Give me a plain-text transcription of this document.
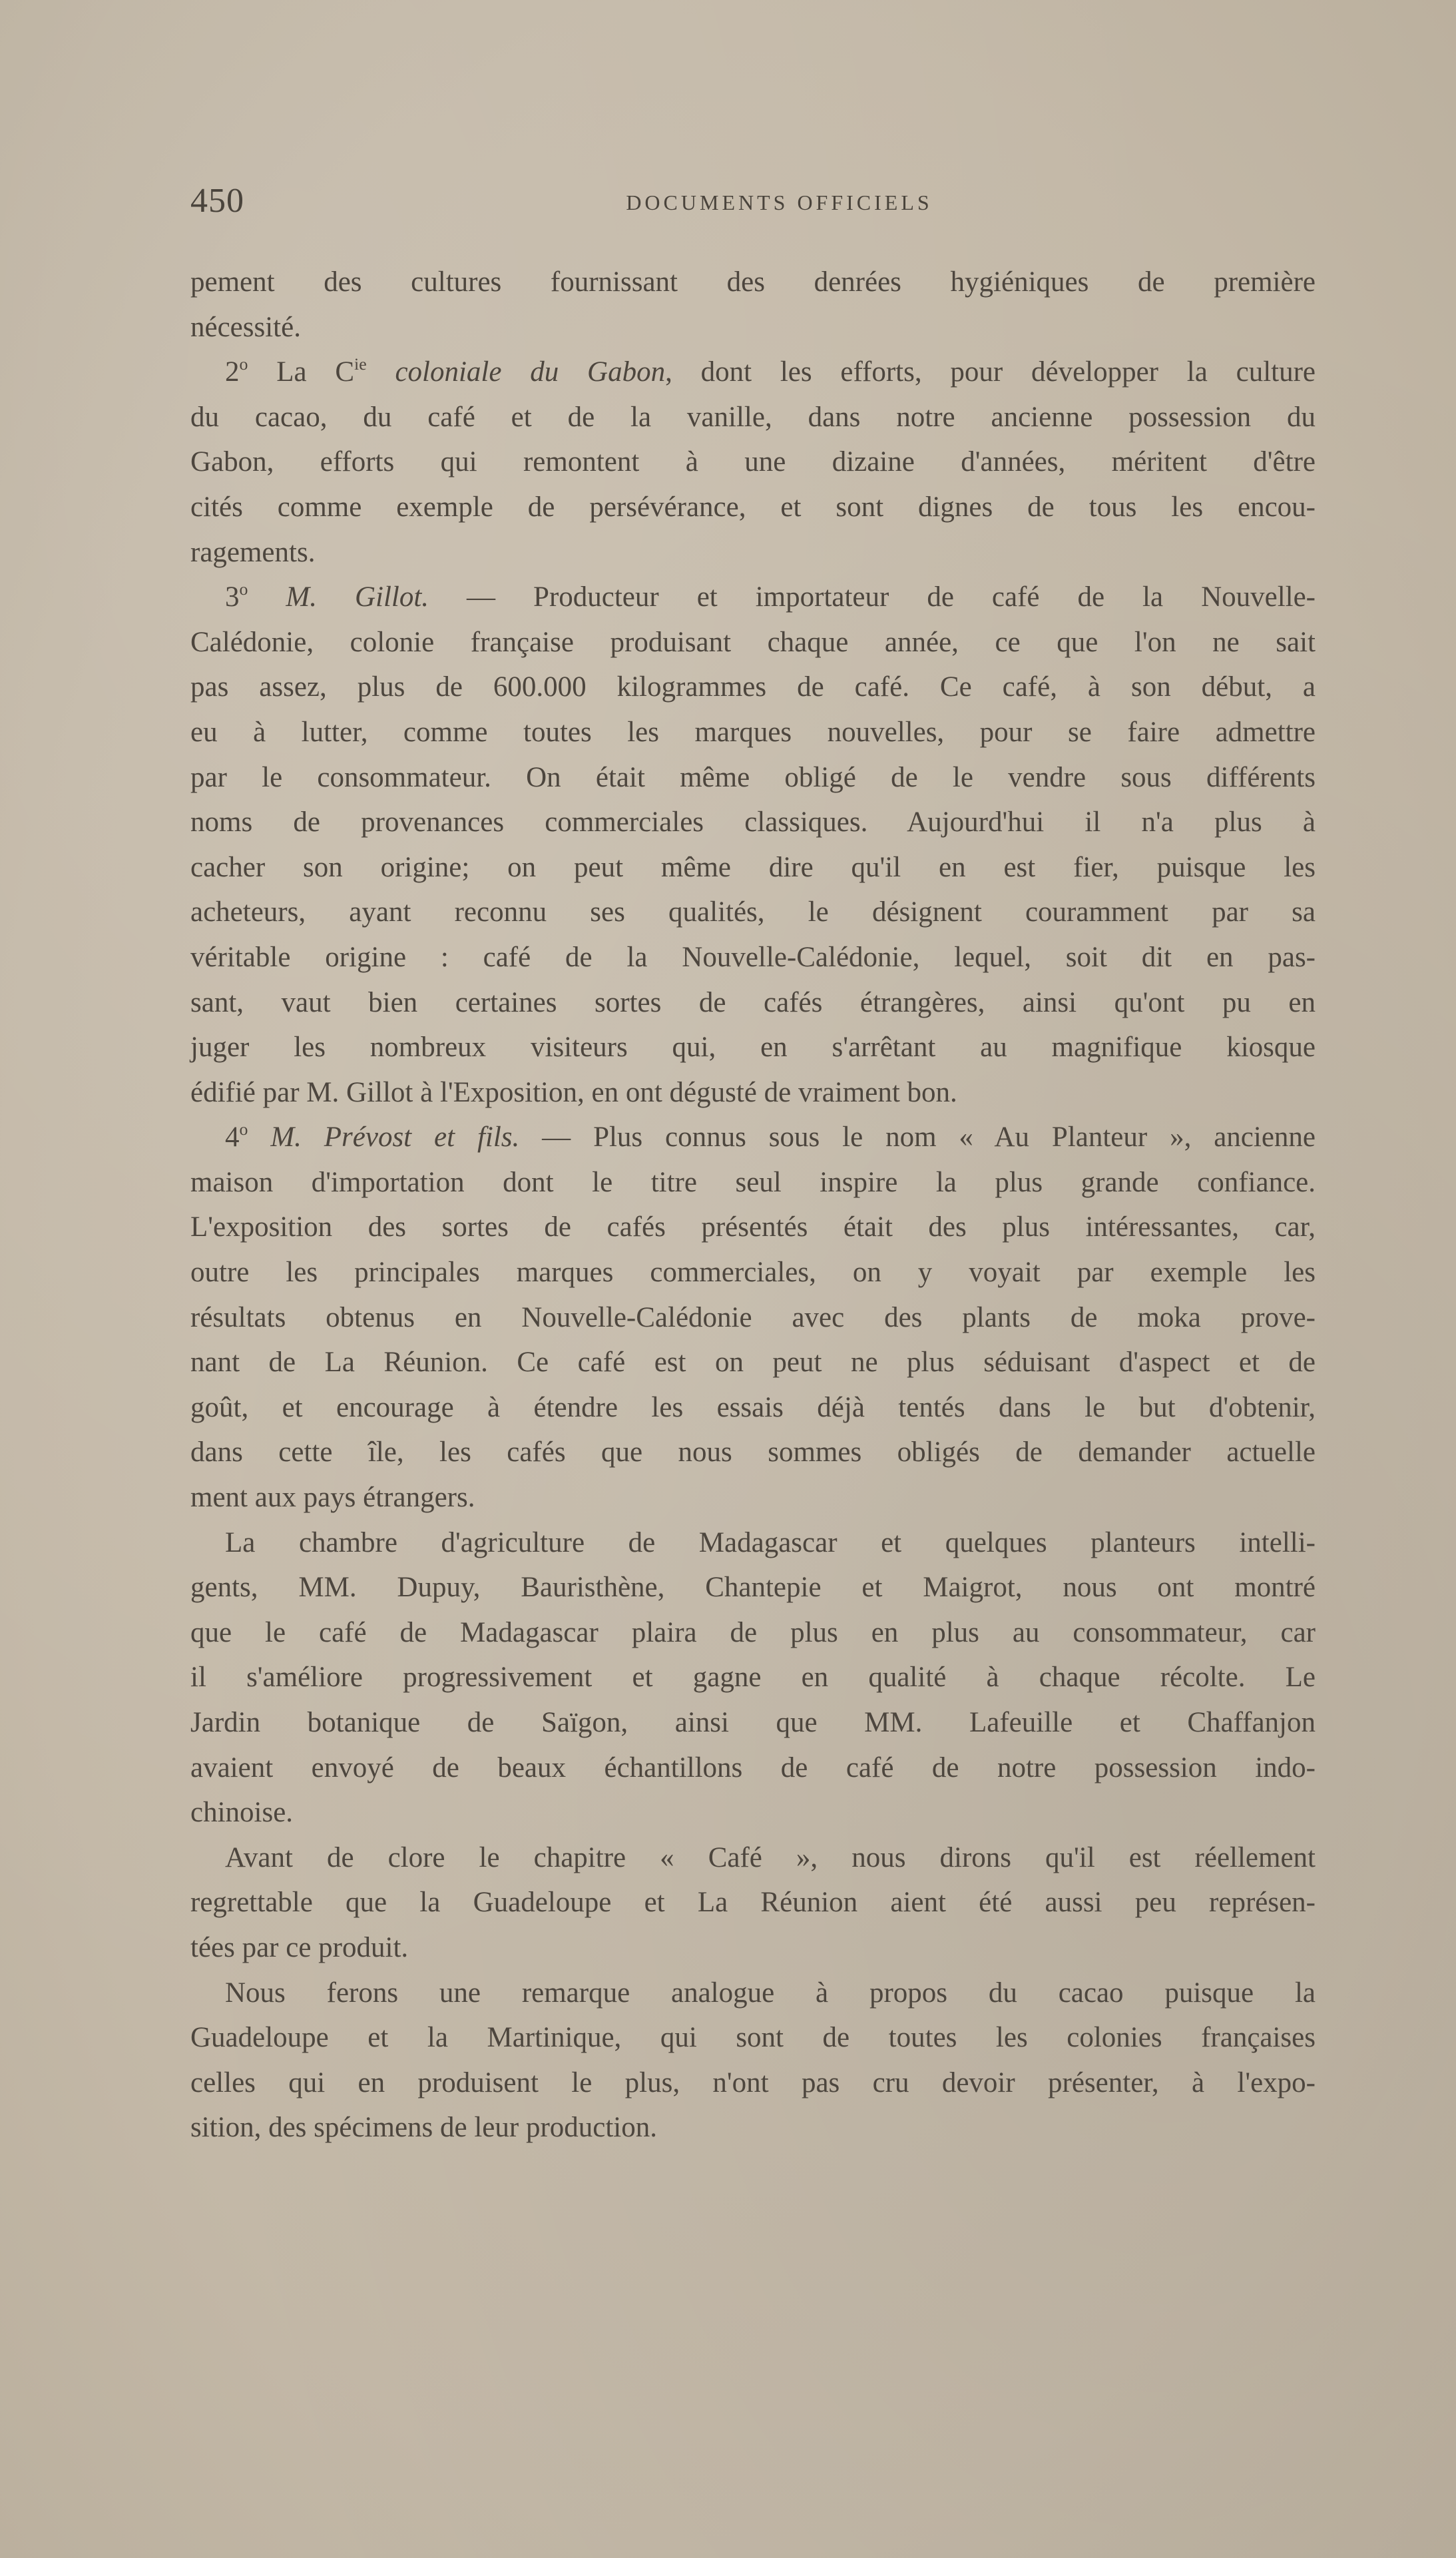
450	DOCUMENTS OFFICIELS
pement des cultures fournissant des denrées hygiéniques de première
nécessité.
2$^o$ La $C^{ie}$ coloniale du Gabon, dont les efforts, pour développer la culture
du cacao, du café et de la vanille, dans notre ancienne possession du
Gabon, efforts qui remontent à une dizaine d'années, méritent d'être
cités comme exemple de persévérance, et sont dignes de tous les encou-
ragements.
3$^o$ M. Gillot. — Producteur et importateur de café de la Nouvelle-
Calédonie, colonie française produisant chaque année, ce que l'on ne sait
pas assez, plus de 600.000 kilogrammes de café. Ce café, à son début, a
eu à lutter, comme toutes les marques nouvelles, pour se faire admettre
par le consommateur. On était même obligé de le vendre sous différents
noms de provenances commerciales classiques. Aujourd'hui il n'a plus à
cacher son origine; on peut même dire qu'il en est fier, puisque les
acheteurs, ayant reconnu ses qualités, le désignent couramment par sa
véritable origine : café de la Nouvelle-Calédonie, lequel, soit dit en pas-
sant, vaut bien certaines sortes de cafés étrangères, ainsi qu'ont pu en
juger les nombreux visiteurs qui, en s'arrêtant au magnifique kiosque
édifié par M. Gillot à l'Exposition, en ont dégusté de vraiment bon.
4$^o$ M. Prévost et fils. — Plus connus sous le nom « Au Planteur », ancienne
maison d'importation dont le titre seul inspire la plus grande confiance.
L'exposition des sortes de cafés présentés était des plus intéressantes, car,
outre les principales marques commerciales, on y voyait par exemple les
résultats obtenus en Nouvelle-Calédonie avec des plants de moka prove-
nant de La Réunion. Ce café est on peut ne plus séduisant d'aspect et de
goût, et encourage à étendre les essais déjà tentés dans le but d'obtenir,
dans cette île, les cafés que nous sommes obligés de demander actuelle
ment aux pays étrangers.
La chambre d'agriculture de Madagascar et quelques planteurs intelli-
gents, MM. Dupuy, Bauristhène, Chantepie et Maigrot, nous ont montré
que le café de Madagascar plaira de plus en plus au consommateur, car
il s'améliore progressivement et gagne en qualité à chaque récolte. Le
Jardin botanique de Saïgon, ainsi que MM. Lafeuille et Chaffanjon
avaient envoyé de beaux échantillons de café de notre possession indo-
chinoise.
Avant de clore le chapitre « Café », nous dirons qu'il est réellement
regrettable que la Guadeloupe et La Réunion aient été aussi peu représen-
tées par ce produit.
Nous ferons une remarque analogue à propos du cacao puisque la
Guadeloupe et la Martinique, qui sont de toutes les colonies françaises
celles qui en produisent le plus, n'ont pas cru devoir présenter, à l'expo-
sition, des spécimens de leur production.
